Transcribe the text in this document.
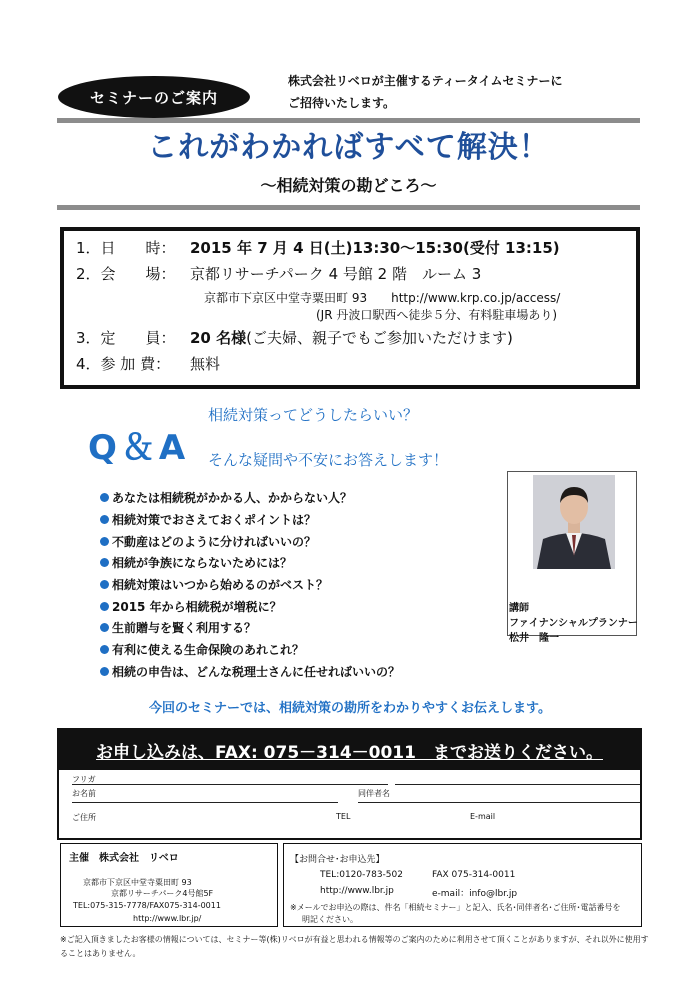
セミナーのご案内
株式会社リベロが主催するティータイムセミナーに
ご招待いたします。
これがわかればすべて解決！
～相続対策の勘どころ～
1．日　　時： 2015 年 7 月 4 日(土)13:30～15:30(受付 13:15)
2．会　　場： 京都リサーチパーク 4 号館 2 階　ルーム 3
京都市下京区中堂寺粟田町 93　　http://www.krp.co.jp/access/
(JR 丹波口駅西へ徒歩５分、有料駐車場あり)
3．定　　員： 20 名様(ご夫婦、親子でもご参加いただけます)
4．参 加 費： 無料
Q＆A
相続対策ってどうしたらいい？
そんな疑問や不安にお答えします！
あなたは相続税がかかる人、かからない人？
相続対策でおさえておくポイントは？
不動産はどのように分ければいいの？
相続が争族にならないためには？
相続対策はいつから始めるのがベスト？
2015 年から相続税が増税に？
生前贈与を賢く利用する？
有利に使える生命保険のあれこれ？
相続の申告は、どんな税理士さんに任せればいいの？
講師
ファイナンシャルプランナー
松井　隆一
今回のセミナーでは、相続対策の勘所をわかりやすくお伝えします。
お申し込みは、FAX: 075－314－0011　までお送りください。
フリガ
お名前	同伴者名
ご住所	TEL	E-mail
主催　株式会社　リベロ
京都市下京区中堂寺粟田町 93
京都リサーチパーク4号館5F
TEL:075-315-7778/FAX075-314-0011
http://www.lbr.jp/
【お問合せ･お申込先】
TEL:0120-783-502	FAX 075-314-0011
http://www.lbr.jp	e-mail：info@lbr.jp
※メールでお申込の際は、件名「相続セミナー」と記入、氏名･同伴者名･ご住所･電話番号を
明記ください。
※ご記入頂きましたお客様の情報については、セミナー等(株)リベロが有益と思われる情報等のご案内のために利用させて頂くことがありますが、それ以外に使用することはありません。
